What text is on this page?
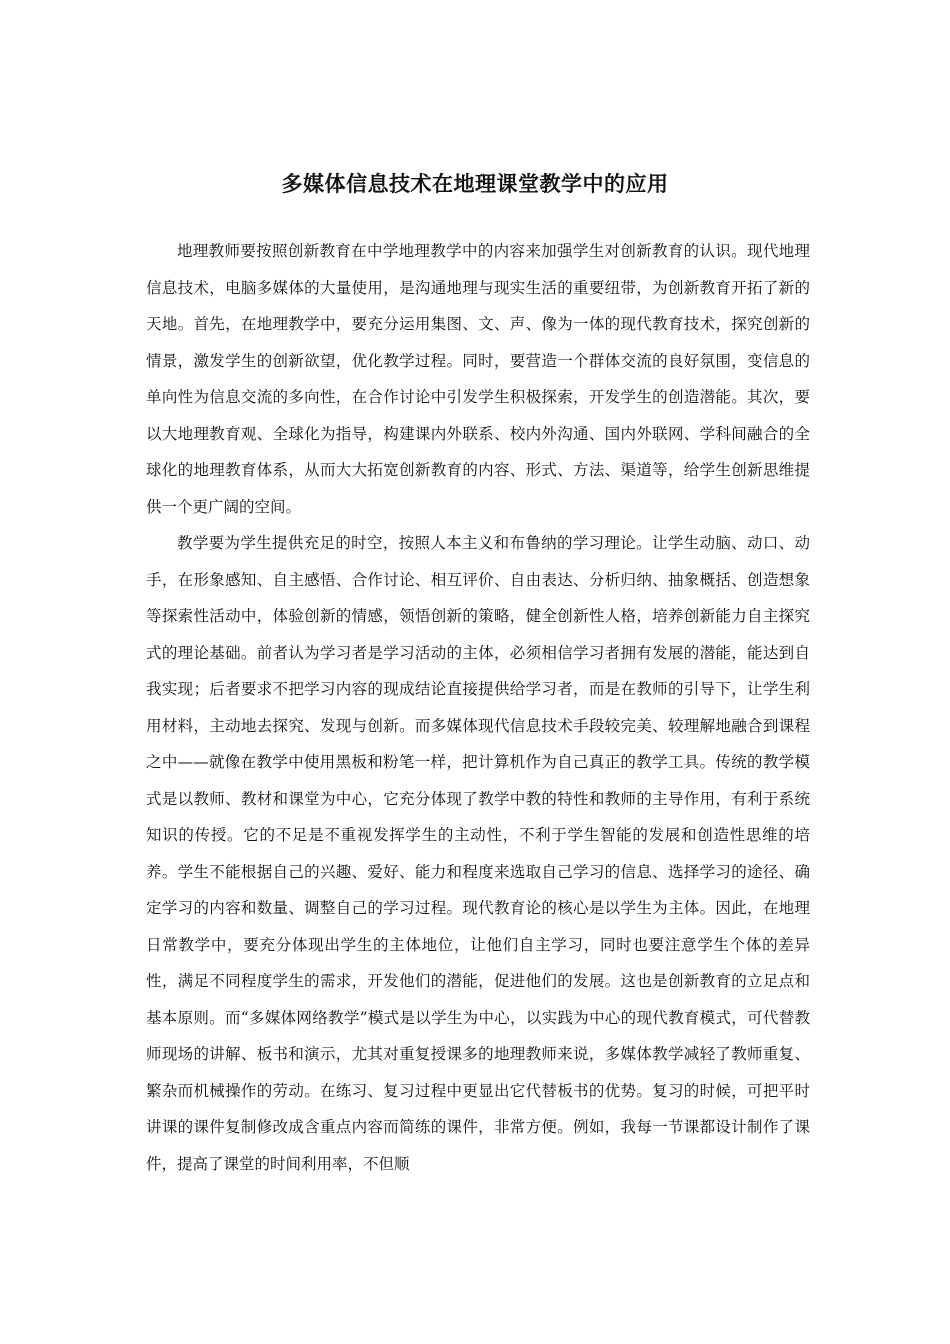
多媒体信息技术在地理课堂教学中的应用

地理教师要按照创新教育在中学地理教学中的内容来加强学生对创新教育的认识。现代地理信息技术，电脑多媒体的大量使用，是沟通地理与现实生活的重要纽带，为创新教育开拓了新的天地。首先，在地理教学中，要充分运用集图、文、声、像为一体的现代教育技术，探究创新的情景，激发学生的创新欲望，优化教学过程。同时，要营造一个群体交流的良好氛围，变信息的单向性为信息交流的多向性，在合作讨论中引发学生积极探索，开发学生的创造潜能。其次，要以大地理教育观、全球化为指导，构建课内外联系、校内外沟通、国内外联网、学科间融合的全球化的地理教育体系，从而大大拓宽创新教育的内容、形式、方法、渠道等，给学生创新思维提供一个更广阔的空间。

教学要为学生提供充足的时空，按照人本主义和布鲁纳的学习理论。让学生动脑、动口、动手，在形象感知、自主感悟、合作讨论、相互评价、自由表达、分析归纳、抽象概括、创造想象等探索性活动中，体验创新的情感，领悟创新的策略，健全创新性人格，培养创新能力自主探究式的理论基础。前者认为学习者是学习活动的主体，必须相信学习者拥有发展的潜能，能达到自我实现；后者要求不把学习内容的现成结论直接提供给学习者，而是在教师的引导下，让学生利用材料，主动地去探究、发现与创新。而多媒体现代信息技术手段较完美、较理解地融合到课程之中——就像在教学中使用黑板和粉笔一样，把计算机作为自己真正的教学工具。传统的教学模式是以教师、教材和课堂为中心，它充分体现了教学中教的特性和教师的主导作用，有利于系统知识的传授。它的不足是不重视发挥学生的主动性，不利于学生智能的发展和创造性思维的培养。学生不能根据自己的兴趣、爱好、能力和程度来选取自己学习的信息、选择学习的途径、确定学习的内容和数量、调整自己的学习过程。现代教育论的核心是以学生为主体。因此，在地理日常教学中，要充分体现出学生的主体地位，让他们自主学习，同时也要注意学生个体的差异性，满足不同程度学生的需求，开发他们的潜能，促进他们的发展。这也是创新教育的立足点和基本原则。而“多媒体网络教学”模式是以学生为中心，以实践为中心的现代教育模式，可代替教师现场的讲解、板书和演示，尤其对重复授课多的地理教师来说，多媒体教学减轻了教师重复、繁杂而机械操作的劳动。在练习、复习过程中更显出它代替板书的优势。复习的时候，可把平时讲课的课件复制修改成含重点内容而简练的课件，非常方便。例如，我每一节课都设计制作了课件，提高了课堂的时间利用率，不但顺
